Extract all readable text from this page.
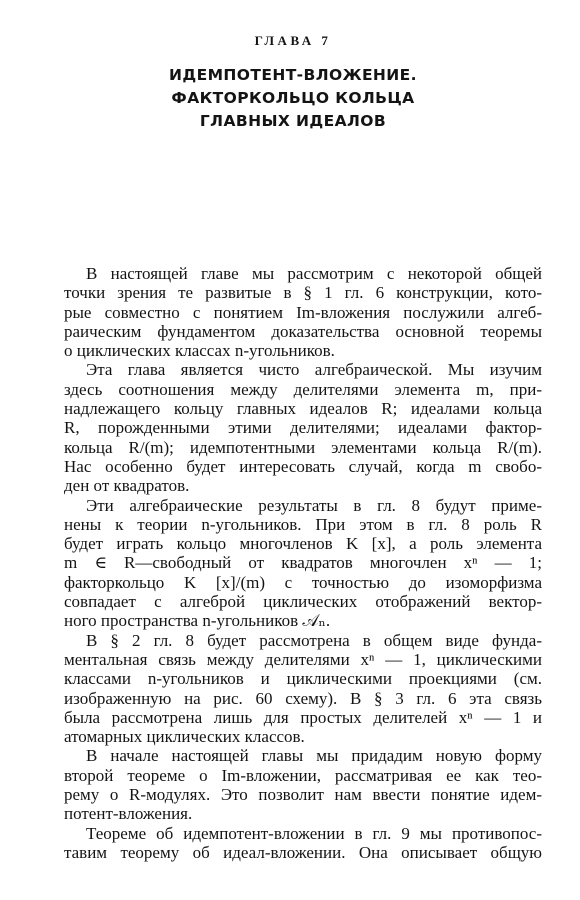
ГЛАВА 7
ИДЕМПОТЕНТ-ВЛОЖЕНИЕ.
ФАКТОРКОЛЬЦО КОЛЬЦА
ГЛАВНЫХ ИДЕАЛОВ
В настоящей главе мы рассмотрим с некоторой общей
точки зрения те развитые в § 1 гл. 6 конструкции, кото-
рые совместно с понятием Im-вложения послужили алгеб-
раическим фундаментом доказательства основной теоремы
о циклических классах n-угольников.
Эта глава является чисто алгебраической. Мы изучим
здесь соотношения между делителями элемента m, при-
надлежащего кольцу главных идеалов R; идеалами кольца
R, порожденными этими делителями; идеалами фактор-
кольца R/(m); идемпотентными элементами кольца R/(m).
Нас особенно будет интересовать случай, когда m свобо-
ден от квадратов.
Эти алгебраические результаты в гл. 8 будут приме-
нены к теории n-угольников. При этом в гл. 8 роль R
будет играть кольцо многочленов K [x], а роль элемента
m ∈ R—свободный от квадратов многочлен xⁿ — 1;
факторкольцо K [x]/(m) с точностью до изоморфизма
совпадает с алгеброй циклических отображений вектор-
ного пространства n-угольников 𝒜ₙ.
В § 2 гл. 8 будет рассмотрена в общем виде фунда-
ментальная связь между делителями xⁿ — 1, циклическими
классами n-угольников и циклическими проекциями (см.
изображенную на рис. 60 схему). В § 3 гл. 6 эта связь
была рассмотрена лишь для простых делителей xⁿ — 1 и
атомарных циклических классов.
В начале настоящей главы мы придадим новую форму
второй теореме о Im-вложении, рассматривая ее как тео-
рему о R-модулях. Это позволит нам ввести понятие идем-
потент-вложения.
Теореме об идемпотент-вложении в гл. 9 мы противопос-
тавим теорему об идеал-вложении. Она описывает общую
